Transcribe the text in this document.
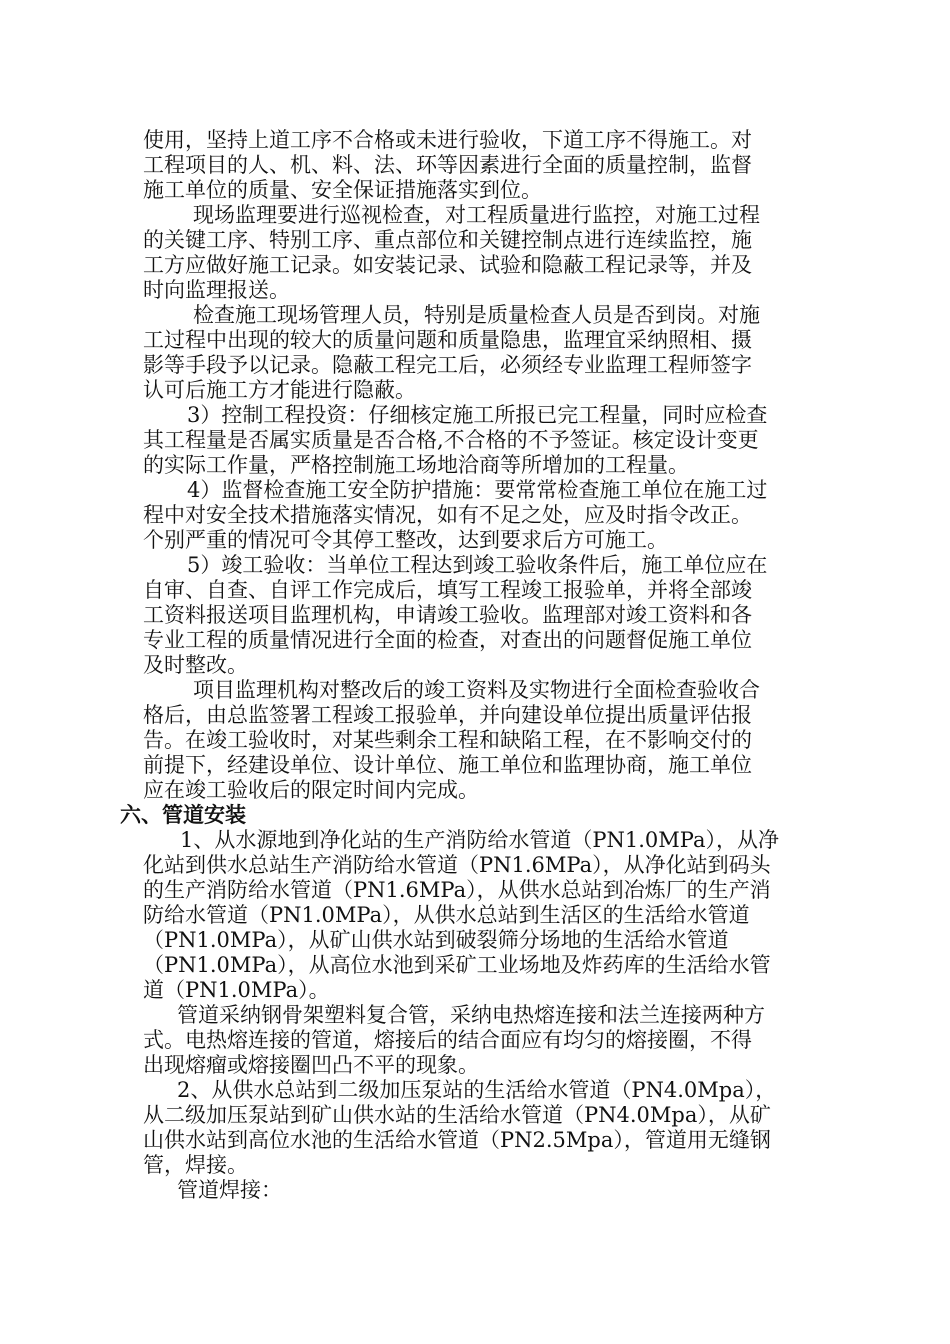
使用，坚持上道工序不合格或未进行验收，下道工序不得施工。对
工程项目的人、机、料、法、环等因素进行全面的质量控制，监督
施工单位的质量、安全保证措施落实到位。
现场监理要进行巡视检查，对工程质量进行监控，对施工过程
的关键工序、特别工序、重点部位和关键控制点进行连续监控，施
工方应做好施工记录。如安装记录、试验和隐蔽工程记录等，并及
时向监理报送。
检查施工现场管理人员，特别是质量检查人员是否到岗。对施
工过程中出现的较大的质量问题和质量隐患，监理宜采纳照相、摄
影等手段予以记录。隐蔽工程完工后，必须经专业监理工程师签字
认可后施工方才能进行隐蔽。
3）控制工程投资：仔细核定施工所报已完工程量，同时应检查
其工程量是否属实质量是否合格,不合格的不予签证。核定设计变更
的实际工作量，严格控制施工场地洽商等所增加的工程量。
4）监督检查施工安全防护措施：要常常检查施工单位在施工过
程中对安全技术措施落实情况，如有不足之处，应及时指令改正。
个别严重的情况可令其停工整改，达到要求后方可施工。
5）竣工验收：当单位工程达到竣工验收条件后，施工单位应在
自审、自查、自评工作完成后，填写工程竣工报验单，并将全部竣
工资料报送项目监理机构，申请竣工验收。监理部对竣工资料和各
专业工程的质量情况进行全面的检查，对查出的问题督促施工单位
及时整改。
项目监理机构对整改后的竣工资料及实物进行全面检查验收合
格后，由总监签署工程竣工报验单，并向建设单位提出质量评估报
告。在竣工验收时，对某些剩余工程和缺陷工程，在不影响交付的
前提下，经建设单位、设计单位、施工单位和监理协商，施工单位
应在竣工验收后的限定时间内完成。
六、管道安装
1、从水源地到净化站的生产消防给水管道（PN1.0MPa），从净
化站到供水总站生产消防给水管道（PN1.6MPa），从净化站到码头
的生产消防给水管道（PN1.6MPa），从供水总站到冶炼厂的生产消
防给水管道（PN1.0MPa），从供水总站到生活区的生活给水管道
（PN1.0MPa），从矿山供水站到破裂筛分场地的生活给水管道
（PN1.0MPa），从高位水池到采矿工业场地及炸药库的生活给水管
道（PN1.0MPa）。
管道采纳钢骨架塑料复合管，采纳电热熔连接和法兰连接两种方
式。电热熔连接的管道，熔接后的结合面应有均匀的熔接圈，不得
出现熔瘤或熔接圈凹凸不平的现象。
2、从供水总站到二级加压泵站的生活给水管道（PN4.0Mpa），
从二级加压泵站到矿山供水站的生活给水管道（PN4.0Mpa），从矿
山供水站到高位水池的生活给水管道（PN2.5Mpa），管道用无缝钢
管，焊接。
管道焊接：
